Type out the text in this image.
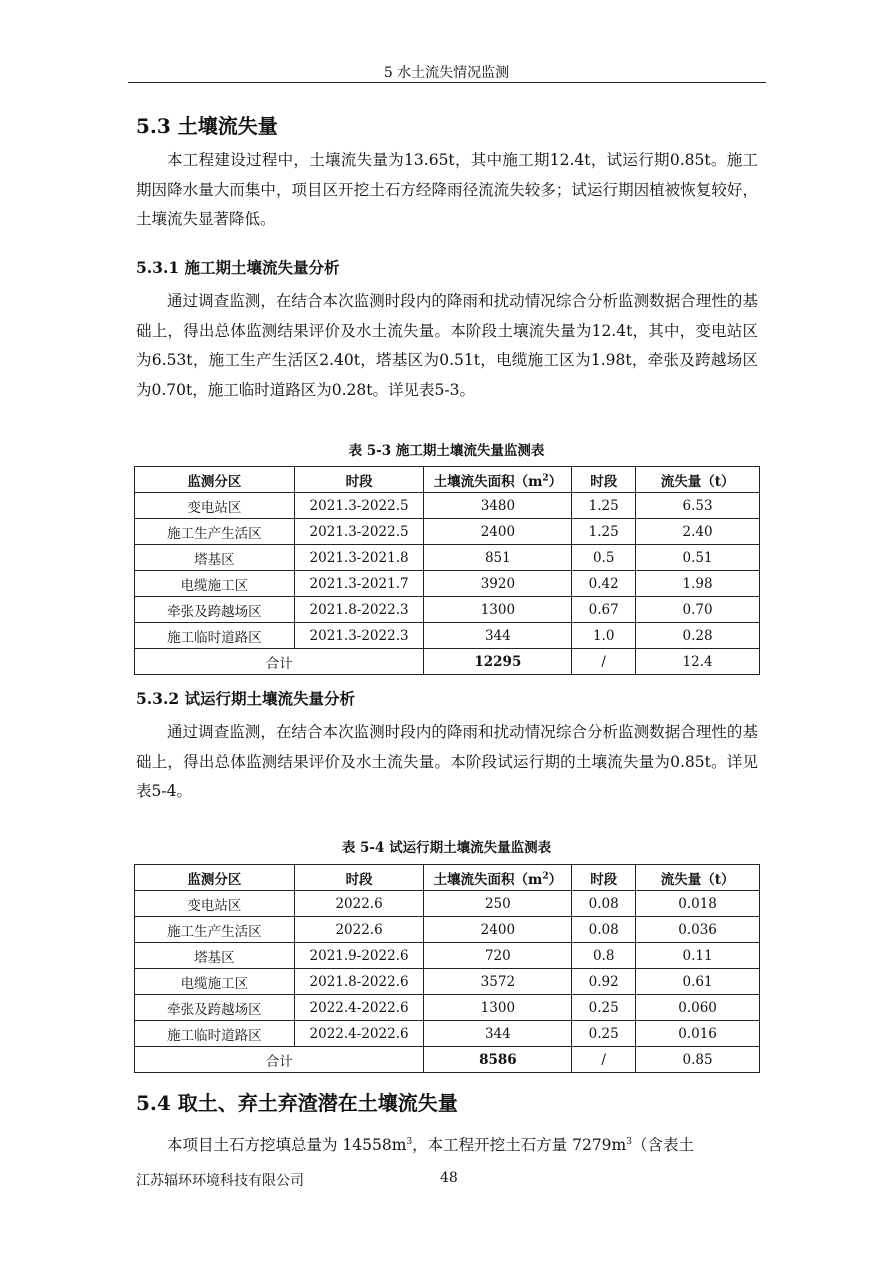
5 水土流失情况监测
5.3 土壤流失量
本工程建设过程中，土壤流失量为13.65t，其中施工期12.4t，试运行期0.85t。施工期因降水量大而集中，项目区开挖土石方经降雨径流流失较多；试运行期因植被恢复较好，土壤流失显著降低。
5.3.1 施工期土壤流失量分析
通过调查监测，在结合本次监测时段内的降雨和扰动情况综合分析监测数据合理性的基础上，得出总体监测结果评价及水土流失量。本阶段土壤流失量为12.4t，其中，变电站区为6.53t，施工生产生活区2.40t，塔基区为0.51t，电缆施工区为1.98t，牵张及跨越场区为0.70t，施工临时道路区为0.28t。详见表5-3。
表 5-3 施工期土壤流失量监测表
监测分区	时段	土壤流失面积$(m^2)$	时段	流失量（t）
变电站区	2021.3-2022.5	3480	1.25	6.53
施工生产生活区	2021.3-2022.5	2400	1.25	2.40
塔基区	2021.3-2021.8	851	0.5	0.51
电缆施工区	2021.3-2021.7	3920	0.42	1.98
牵张及跨越场区	2021.8-2022.3	1300	0.67	0.70
施工临时道路区	2021.3-2022.3	344	1.0	0.28
合计		12295	/	12.4
5.3.2 试运行期土壤流失量分析
通过调查监测，在结合本次监测时段内的降雨和扰动情况综合分析监测数据合理性的基础上，得出总体监测结果评价及水土流失量。本阶段试运行期的土壤流失量为0.85t。详见表5-4。
表 5-4 试运行期土壤流失量监测表
监测分区	时段	土壤流失面积$(m^2)$	时段	流失量（t）
变电站区	2022.6	250	0.08	0.018
施工生产生活区	2022.6	2400	0.08	0.036
塔基区	2021.9-2022.6	720	0.8	0.11
电缆施工区	2021.8-2022.6	3572	0.92	0.61
牵张及跨越场区	2022.4-2022.6	1300	0.25	0.060
施工临时道路区	2022.4-2022.6	344	0.25	0.016
合计		8586	/	0.85
5.4 取土、弃土弃渣潜在土壤流失量
本项目土石方挖填总量为 $14558m^3$，本工程开挖土石方量 $7279m^3$（含表土
江苏辐环环境科技有限公司	48
